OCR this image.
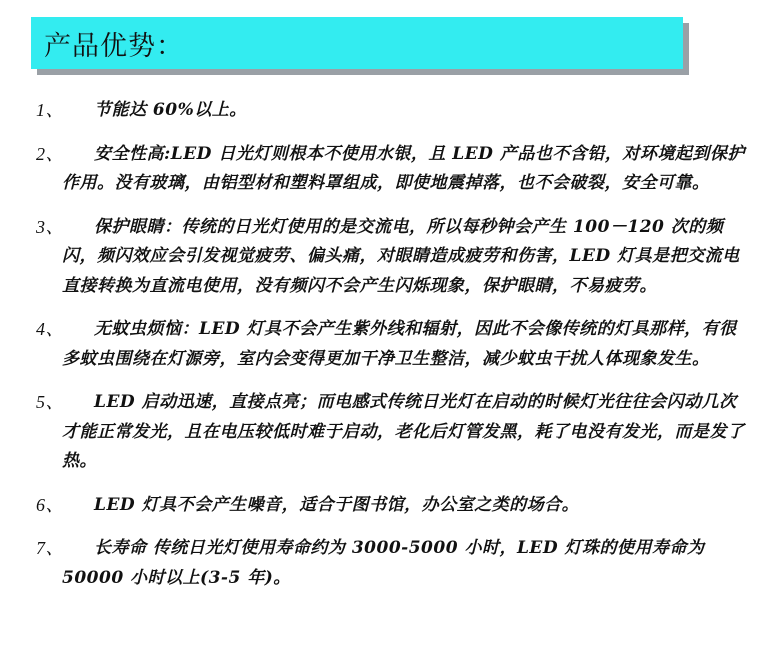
产品优势：
1、	节能达 60%以上。
2、	安全性高:LED 日光灯则根本不使用水银，且 LED 产品也不含铅，对环境起到保护作用。没有玻璃，由铝型材和塑料罩组成，即使地震掉落，也不会破裂，安全可靠。
3、	保护眼睛：传统的日光灯使用的是交流电，所以每秒钟会产生 100－120 次的频闪，频闪效应会引发视觉疲劳、偏头痛，对眼睛造成疲劳和伤害，LED 灯具是把交流电直接转换为直流电使用，没有频闪不会产生闪烁现象，保护眼睛，不易疲劳。
4、	无蚊虫烦恼：LED 灯具不会产生紫外线和辐射，因此不会像传统的灯具那样，有很多蚊虫围绕在灯源旁，室内会变得更加干净卫生整洁，减少蚊虫干扰人体现象发生。
5、	LED 启动迅速，直接点亮；而电感式传统日光灯在启动的时候灯光往往会闪动几次才能正常发光，且在电压较低时难于启动，老化后灯管发黑，耗了电没有发光，而是发了热。
6、	LED 灯具不会产生噪音，适合于图书馆，办公室之类的场合。
7、	长寿命 传统日光灯使用寿命约为 3000-5000 小时，LED 灯珠的使用寿命为 50000 小时以上(3-5 年)。
